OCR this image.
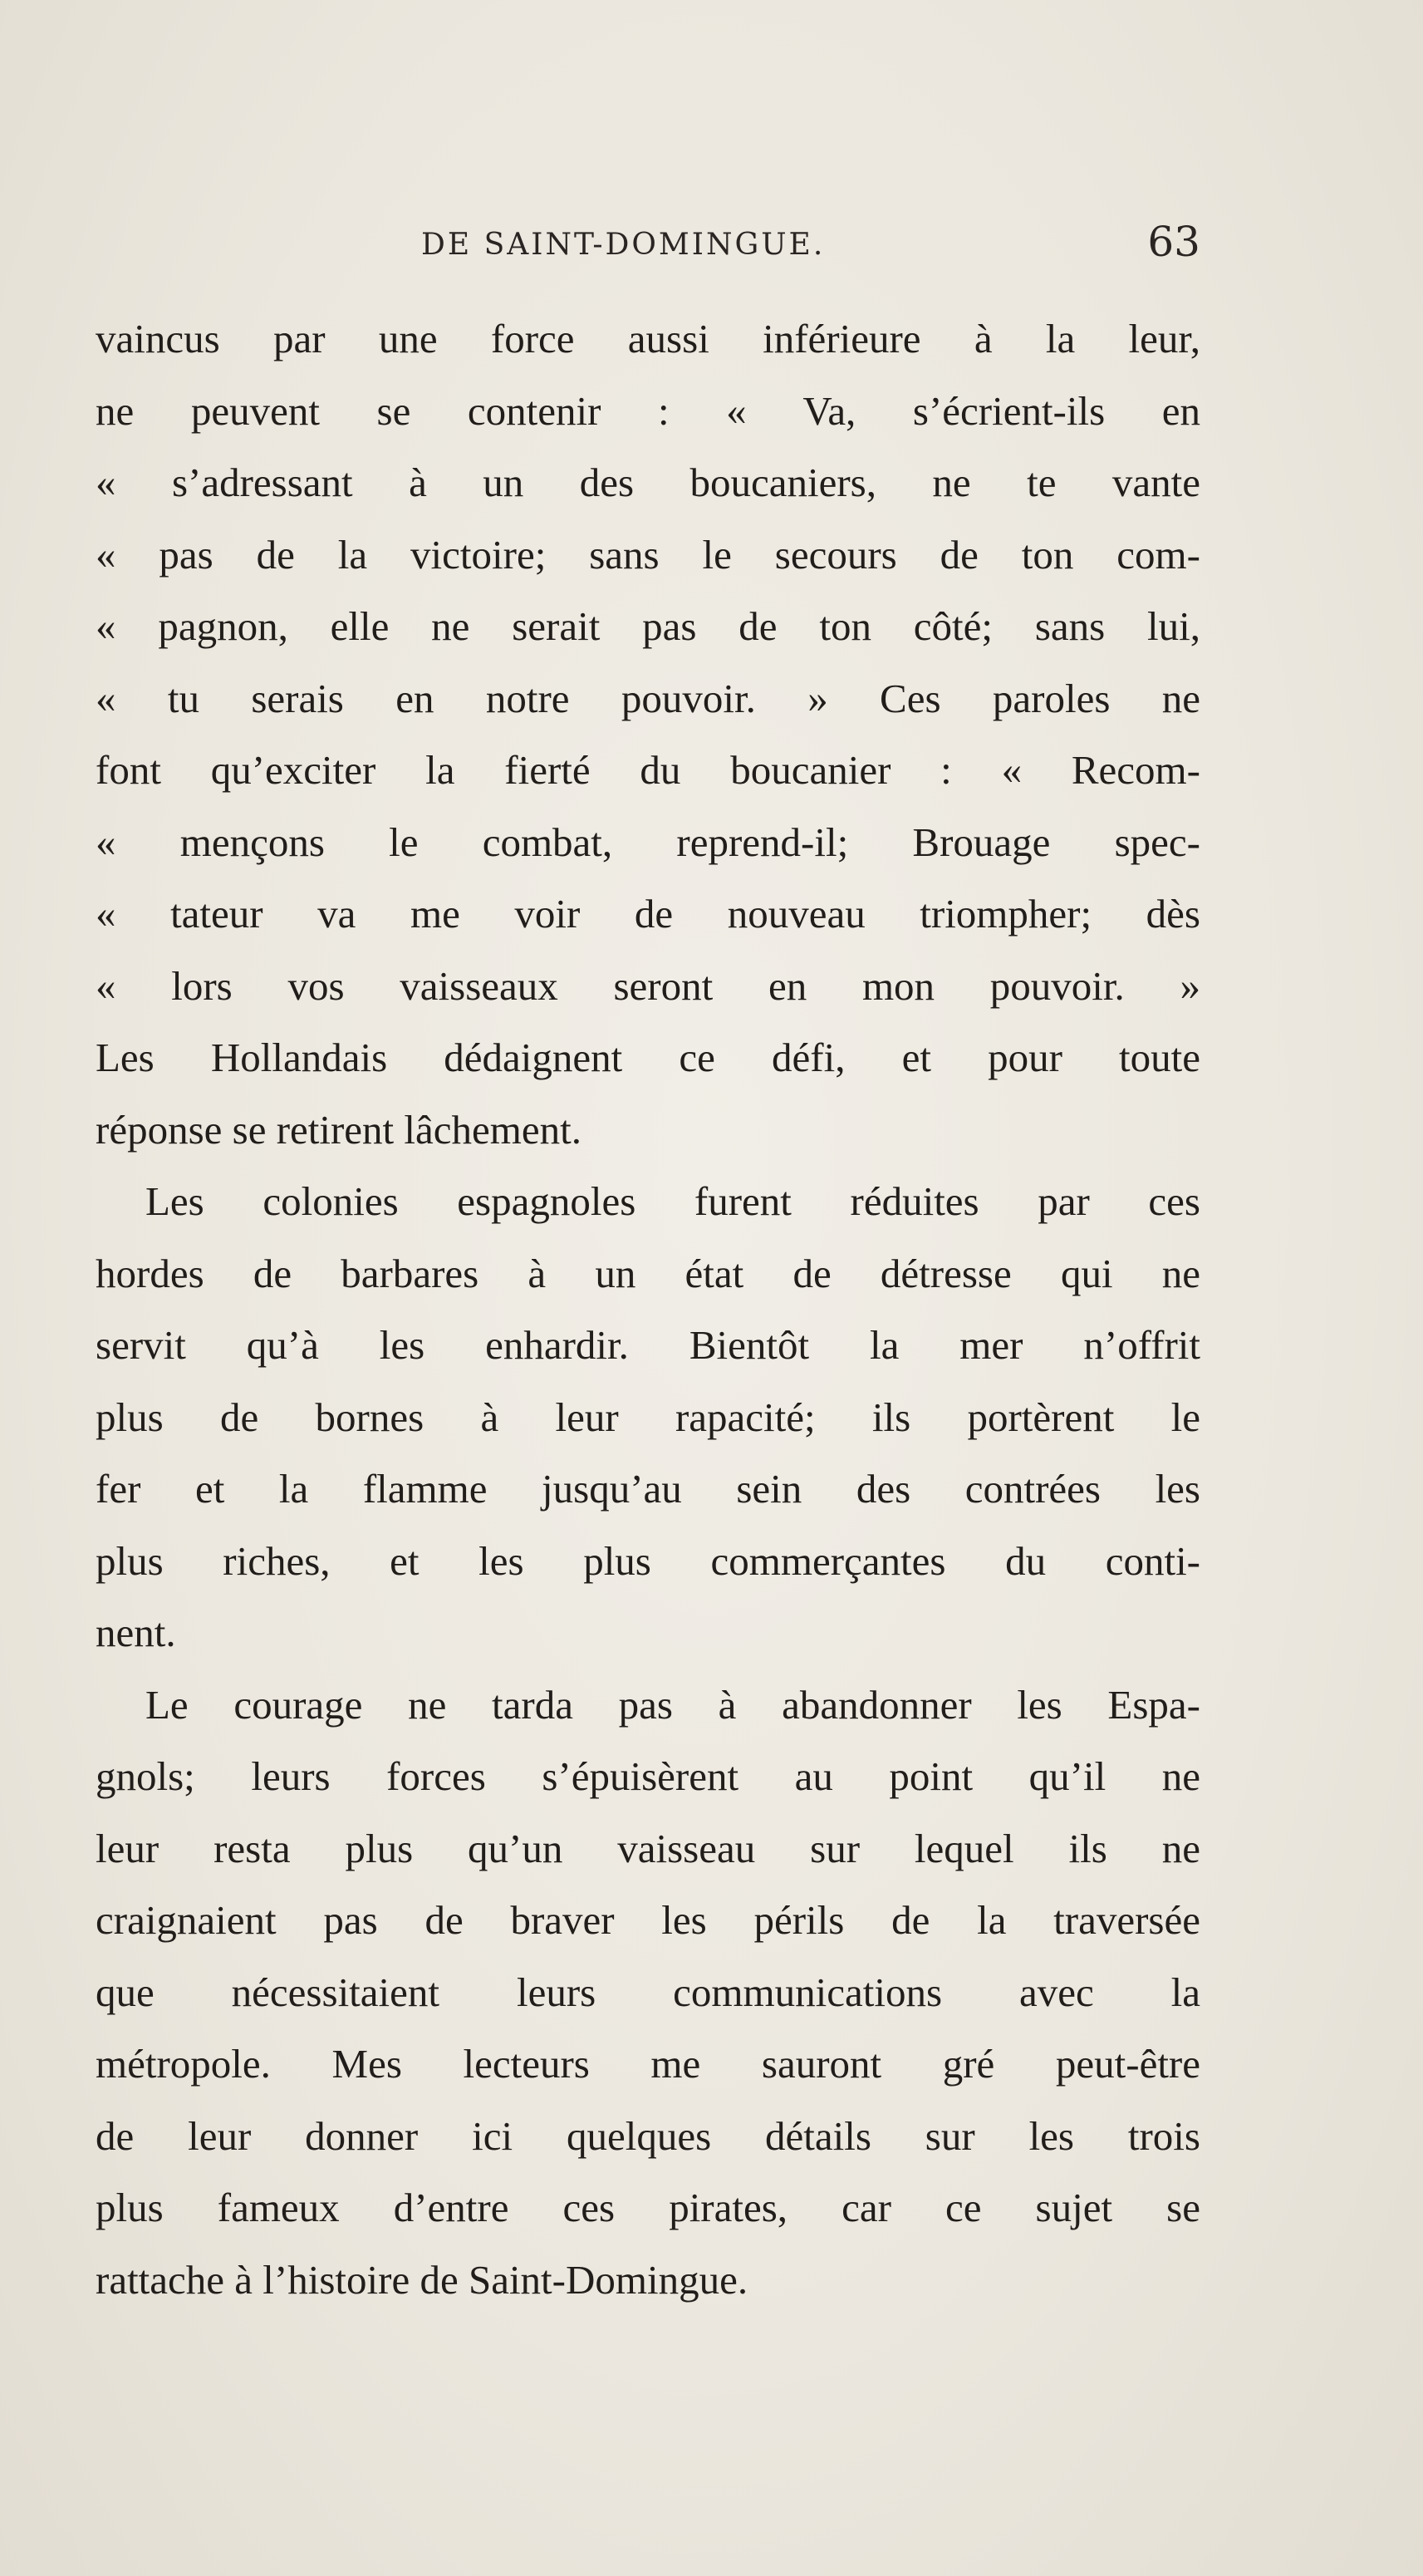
DE SAINT-DOMINGUE.	63
vaincus par une force aussi inférieure à la leur,
ne peuvent se contenir : « Va, s’écrient-ils en
« s’adressant à un des boucaniers, ne te vante
« pas de la victoire; sans le secours de ton com-
« pagnon, elle ne serait pas de ton côté; sans lui,
« tu serais en notre pouvoir. » Ces paroles ne
font qu’exciter la fierté du boucanier : « Recom-
« mençons le combat, reprend-il; Brouage spec-
« tateur va me voir de nouveau triompher; dès
« lors vos vaisseaux seront en mon pouvoir. »
Les Hollandais dédaignent ce défi, et pour toute
réponse se retirent lâchement.
Les colonies espagnoles furent réduites par ces
hordes de barbares à un état de détresse qui ne
servit qu’à les enhardir. Bientôt la mer n’offrit
plus de bornes à leur rapacité; ils portèrent le
fer et la flamme jusqu’au sein des contrées les
plus riches, et les plus commerçantes du conti-
nent.
Le courage ne tarda pas à abandonner les Espa-
gnols; leurs forces s’épuisèrent au point qu’il ne
leur resta plus qu’un vaisseau sur lequel ils ne
craignaient pas de braver les périls de la traversée
que nécessitaient leurs communications avec la
métropole. Mes lecteurs me sauront gré peut-être
de leur donner ici quelques détails sur les trois
plus fameux d’entre ces pirates, car ce sujet se
rattache à l’histoire de Saint-Domingue.
